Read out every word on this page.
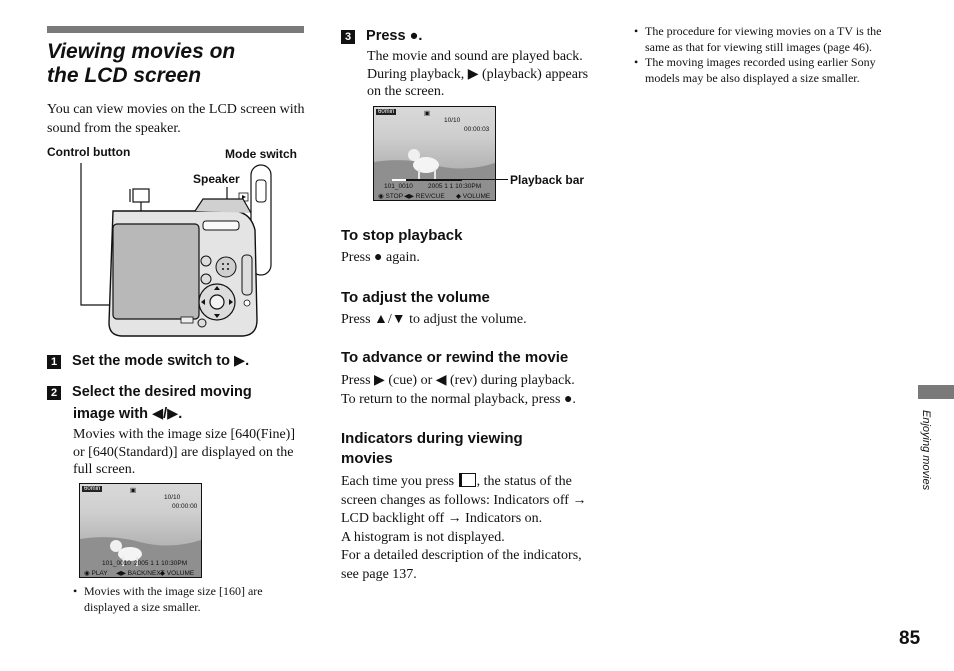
Viewing movies on
the LCD screen
You can view movies on the LCD screen with sound from the speaker.
Control button	Mode switch
Speaker
1 Set the mode switch to ▶.
2 Select the desired moving
image with ◀/▶.
Movies with the image size [640(Fine)] or [640(Standard)] are displayed on the full screen.
60min	▣
10/10
00:00:00
101_0010 2005 1 1 10:30PM
◉ PLAY ◀▶ BACK/NEXT
◆ VOLUME
• Movies with the image size [160] are displayed a size smaller.
3 Press ●.
The movie and sound are played back. During playback, ▶ (playback) appears on the screen.
60min	▣
10/10
00:00:03
101_0010 2005 1 1 10:30PM
◉ STOP ◀▶ REV/CUE ◆ VOLUME
Playback bar
To stop playback
Press ● again.
To adjust the volume
Press ▲/▼ to adjust the volume.
To advance or rewind the movie
Press ▶ (cue) or ◀ (rev) during playback.
To return to the normal playback, press ●.
Indicators during viewing
movies
Each time you press , the status of the screen changes as follows: Indicators off → LCD backlight off → Indicators on.
A histogram is not displayed.
For a detailed description of the indicators, see page 137.
• The procedure for viewing movies on a TV is the same as that for viewing still images (page 46).
• The moving images recorded using earlier Sony models may be also displayed a size smaller.
Enjoying movies
85
